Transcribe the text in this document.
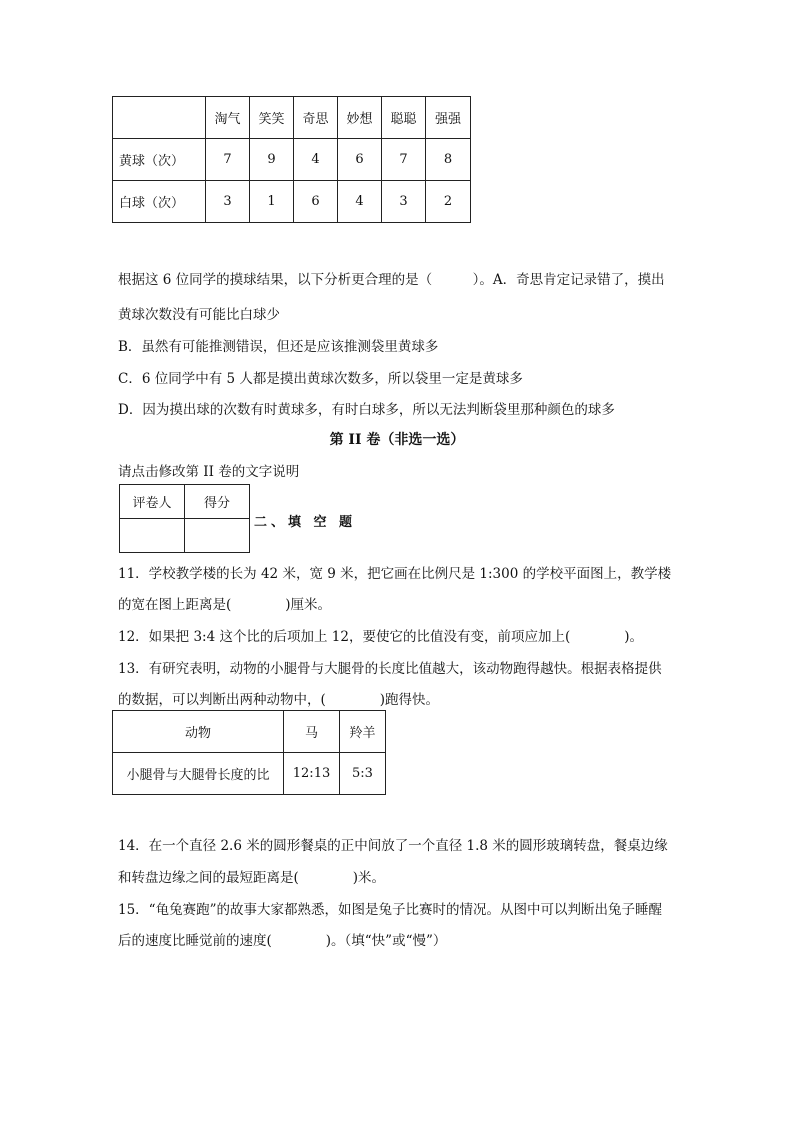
	淘气	笑笑	奇思	妙想	聪聪	强强
黄球（次）	7	9	4	6	7	8
白球（次）	3	1	6	4	3	2
根据这 6 位同学的摸球结果，以下分析更合理的是（　　　）。A．奇思肯定记录错了，摸出
黄球次数没有可能比白球少
B．虽然有可能推测错误，但还是应该推测袋里黄球多
C．6 位同学中有 5 人都是摸出黄球次数多，所以袋里一定是黄球多
D．因为摸出球的次数有时黄球多，有时白球多，所以无法判断袋里那种颜色的球多
第 II 卷（非选一选）
请点击修改第 II 卷的文字说明
评卷人	得分

二、填 空 题
11．学校教学楼的长为 42 米，宽 9 米，把它画在比例尺是 1:300 的学校平面图上，教学楼
的宽在图上距离是(　　　　)厘米。
12．如果把 3:4 这个比的后项加上 12，要使它的比值没有变，前项应加上(　　　　)。
13．有研究表明，动物的小腿骨与大腿骨的长度比值越大，该动物跑得越快。根据表格提供
的数据，可以判断出两种动物中，(　　　　)跑得快。
动物	马	羚羊
小腿骨与大腿骨长度的比	12:13	5:3
14．在一个直径 2.6 米的圆形餐桌的正中间放了一个直径 1.8 米的圆形玻璃转盘，餐桌边缘
和转盘边缘之间的最短距离是(　　　　)米。
15．“龟兔赛跑”的故事大家都熟悉，如图是兔子比赛时的情况。从图中可以判断出兔子睡醒
后的速度比睡觉前的速度(　　　　)。（填“快”或“慢”）
